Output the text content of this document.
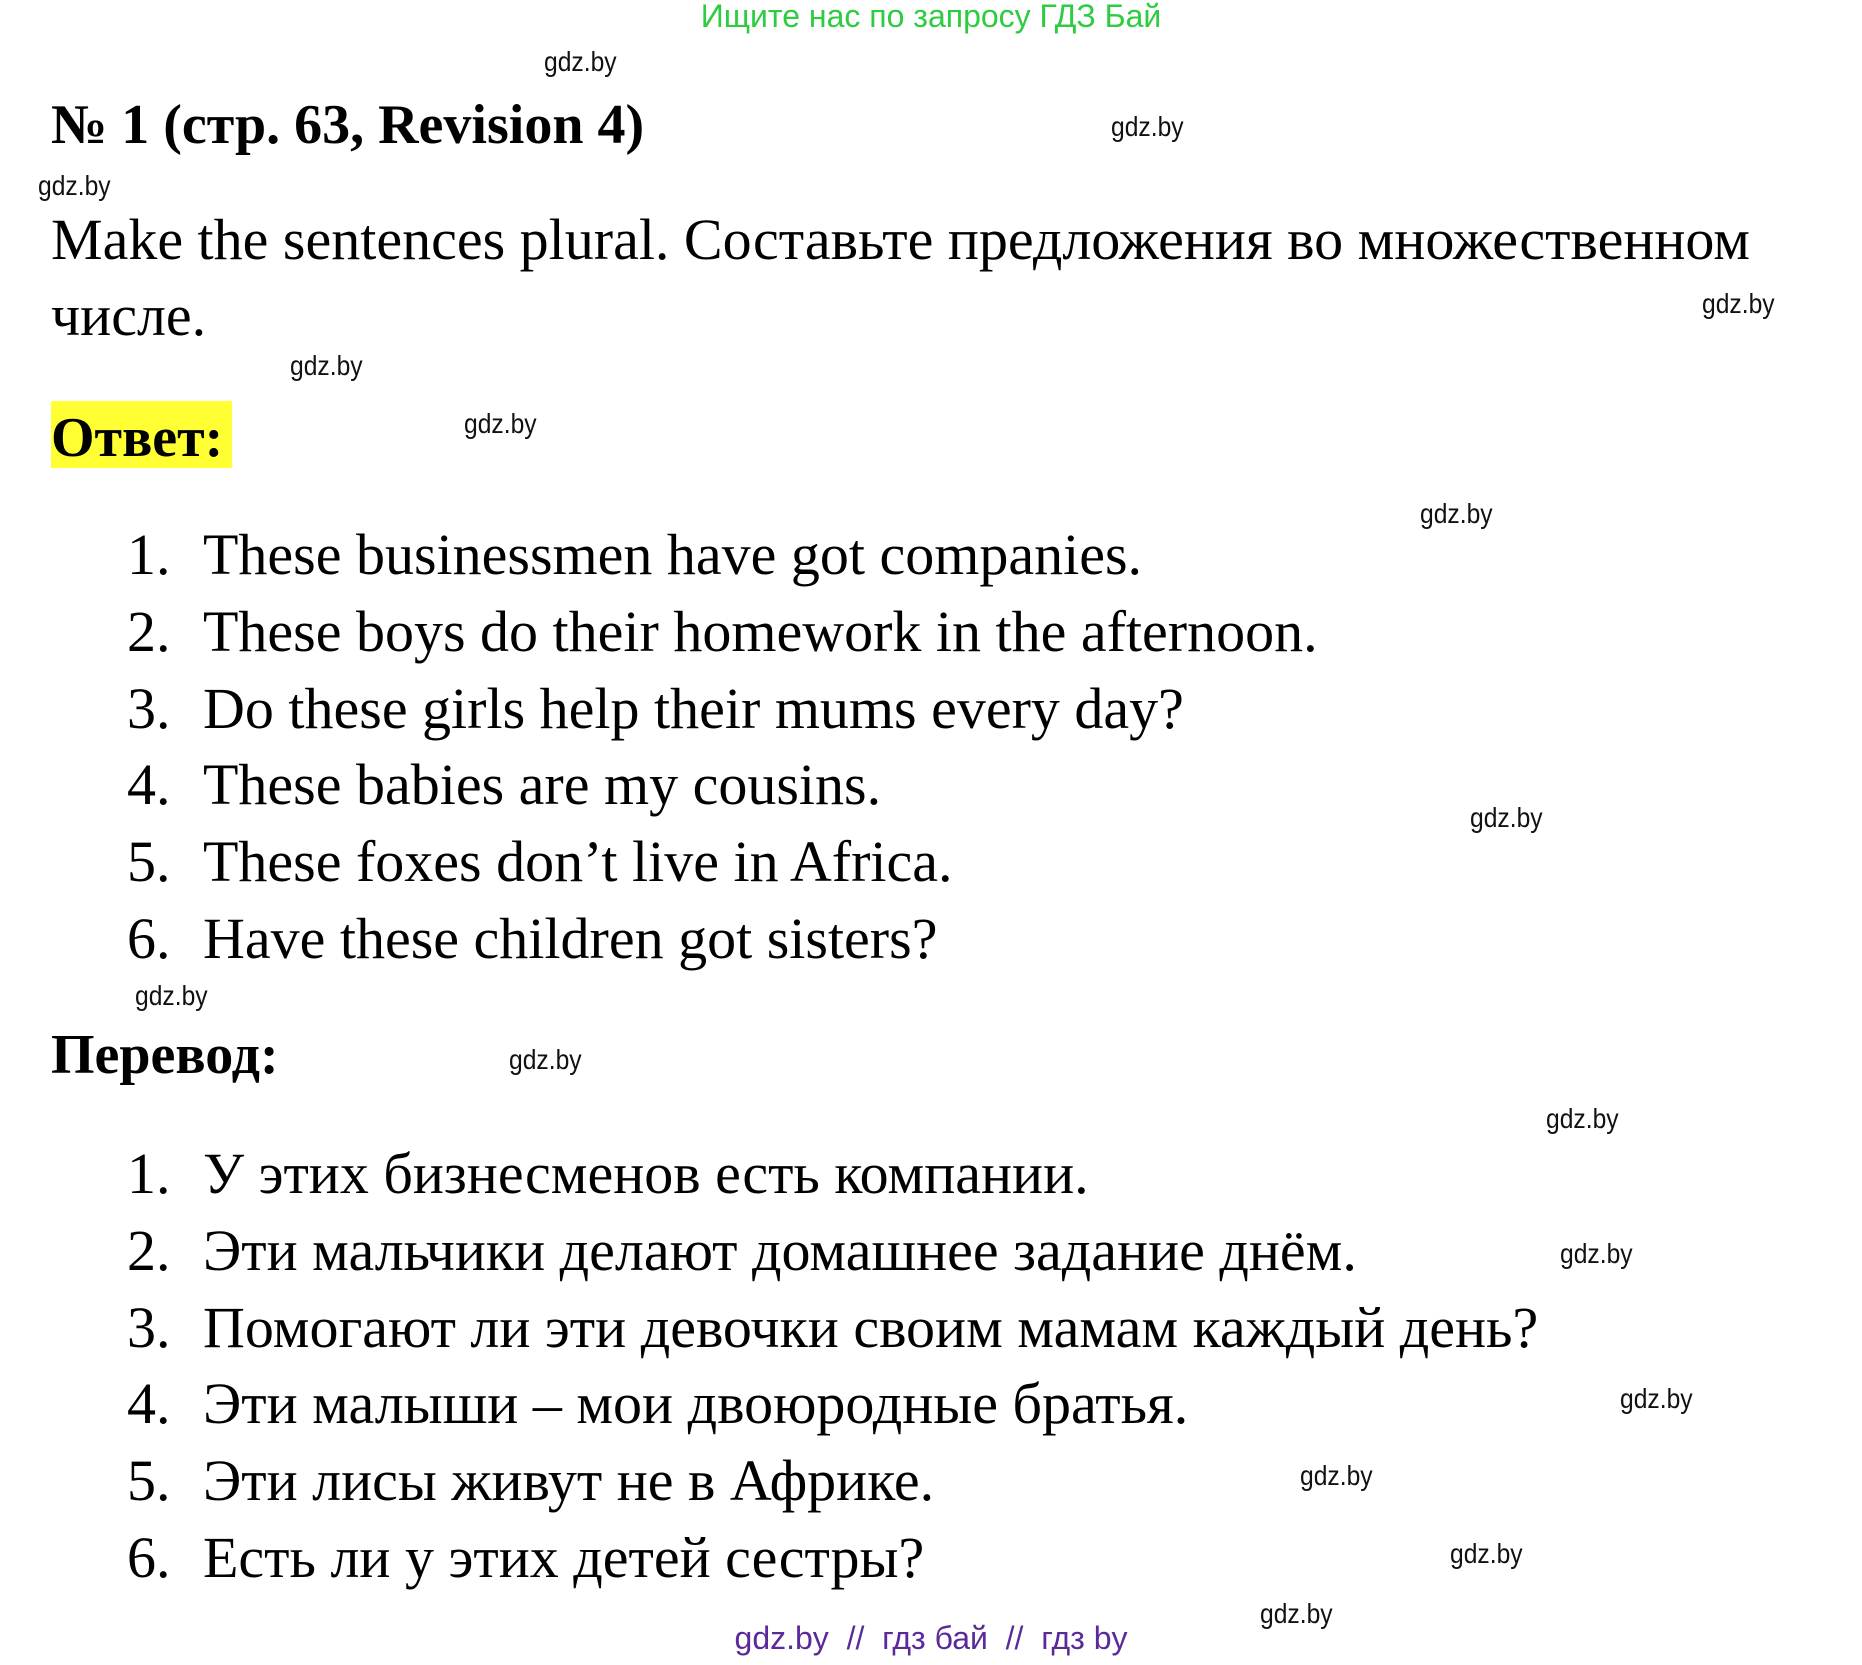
Ищите нас по запросу ГДЗ Бай
№ 1 (стр. 63, Revision 4)
Make the sentences plural. Составьте предложения во множественном
числе.
Ответ:
1. These businessmen have got companies.
2. These boys do their homework in the afternoon.
3. Do these girls help their mums every day?
4. These babies are my cousins.
5. These foxes don’t live in Africa.
6. Have these children got sisters?
Перевод:
1. У этих бизнесменов есть компании.
2. Эти мальчики делают домашнее задание днём.
3. Помогают ли эти девочки своим мамам каждый день?
4. Эти малыши – мои двоюродные братья.
5. Эти лисы живут не в Африке.
6. Есть ли у этих детей сестры?
gdz.by
gdz.by
gdz.by
gdz.by
gdz.by
gdz.by
gdz.by
gdz.by
gdz.by
gdz.by
gdz.by
gdz.by
gdz.by
gdz.by
gdz.by
gdz.by
gdz.by  //  гдз бай  //  гдз by
